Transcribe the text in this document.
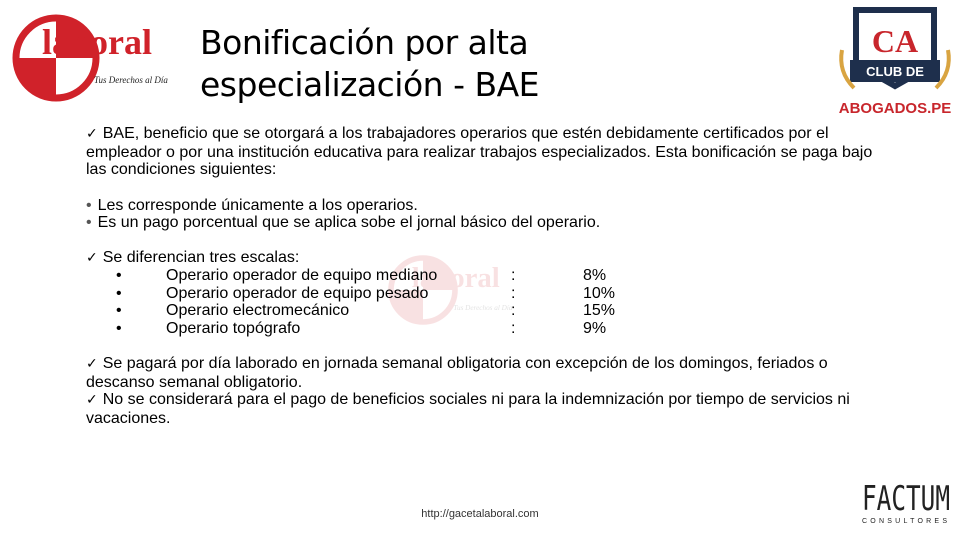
laboral
Tus Derechos al Día
Bonificación por alta
especialización - BAE
CA
CLUB DE
ABOGADOS.PE
laboral
Tus Derechos al Día

✓ BAE, beneficio que se otorgará a los trabajadores operarios que estén debidamente certificados por el empleador o por una institución educativa para realizar trabajos especializados. Esta bonificación se paga bajo las condiciones siguientes:

• Les corresponde únicamente a los operarios.
• Es un pago porcentual que se aplica sobe el jornal básico del operario.
✓ Se diferencian tres escalas:
•	Operario operador de equipo mediano	:	8%
•	Operario operador de equipo pesado	:	10%
•	Operario electromecánico	:	15%
•	Operario topógrafo	:	9%

✓ Se pagará por día laborado en jornada semanal obligatoria con excepción de los domingos, feriados o descanso semanal obligatorio.

✓ No se considerará para el pago de beneficios sociales ni para la indemnización por tiempo de servicios ni vacaciones.

http://gacetalaboral.com	FACTUM
CONSULTORES
